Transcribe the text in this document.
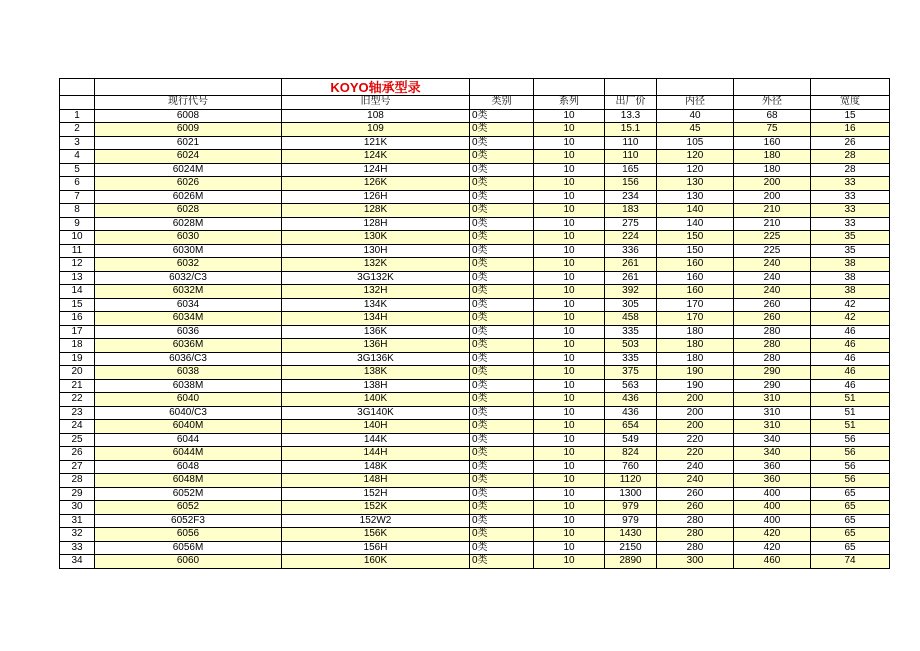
		KOYO轴承型录						
	现行代号	旧型号	类别	系列	出厂价	内径	外径	宽度
1	6008	108	0类	10	13.3	40	68	15
2	6009	109	0类	10	15.1	45	75	16
3	6021	121K	0类	10	110	105	160	26
4	6024	124K	0类	10	110	120	180	28
5	6024M	124H	0类	10	165	120	180	28
6	6026	126K	0类	10	156	130	200	33
7	6026M	126H	0类	10	234	130	200	33
8	6028	128K	0类	10	183	140	210	33
9	6028M	128H	0类	10	275	140	210	33
10	6030	130K	0类	10	224	150	225	35
11	6030M	130H	0类	10	336	150	225	35
12	6032	132K	0类	10	261	160	240	38
13	6032/C3	3G132K	0类	10	261	160	240	38
14	6032M	132H	0类	10	392	160	240	38
15	6034	134K	0类	10	305	170	260	42
16	6034M	134H	0类	10	458	170	260	42
17	6036	136K	0类	10	335	180	280	46
18	6036M	136H	0类	10	503	180	280	46
19	6036/C3	3G136K	0类	10	335	180	280	46
20	6038	138K	0类	10	375	190	290	46
21	6038M	138H	0类	10	563	190	290	46
22	6040	140K	0类	10	436	200	310	51
23	6040/C3	3G140K	0类	10	436	200	310	51
24	6040M	140H	0类	10	654	200	310	51
25	6044	144K	0类	10	549	220	340	56
26	6044M	144H	0类	10	824	220	340	56
27	6048	148K	0类	10	760	240	360	56
28	6048M	148H	0类	10	1120	240	360	56
29	6052M	152H	0类	10	1300	260	400	65
30	6052	152K	0类	10	979	260	400	65
31	6052F3	152W2	0类	10	979	280	400	65
32	6056	156K	0类	10	1430	280	420	65
33	6056M	156H	0类	10	2150	280	420	65
34	6060	160K	0类	10	2890	300	460	74
